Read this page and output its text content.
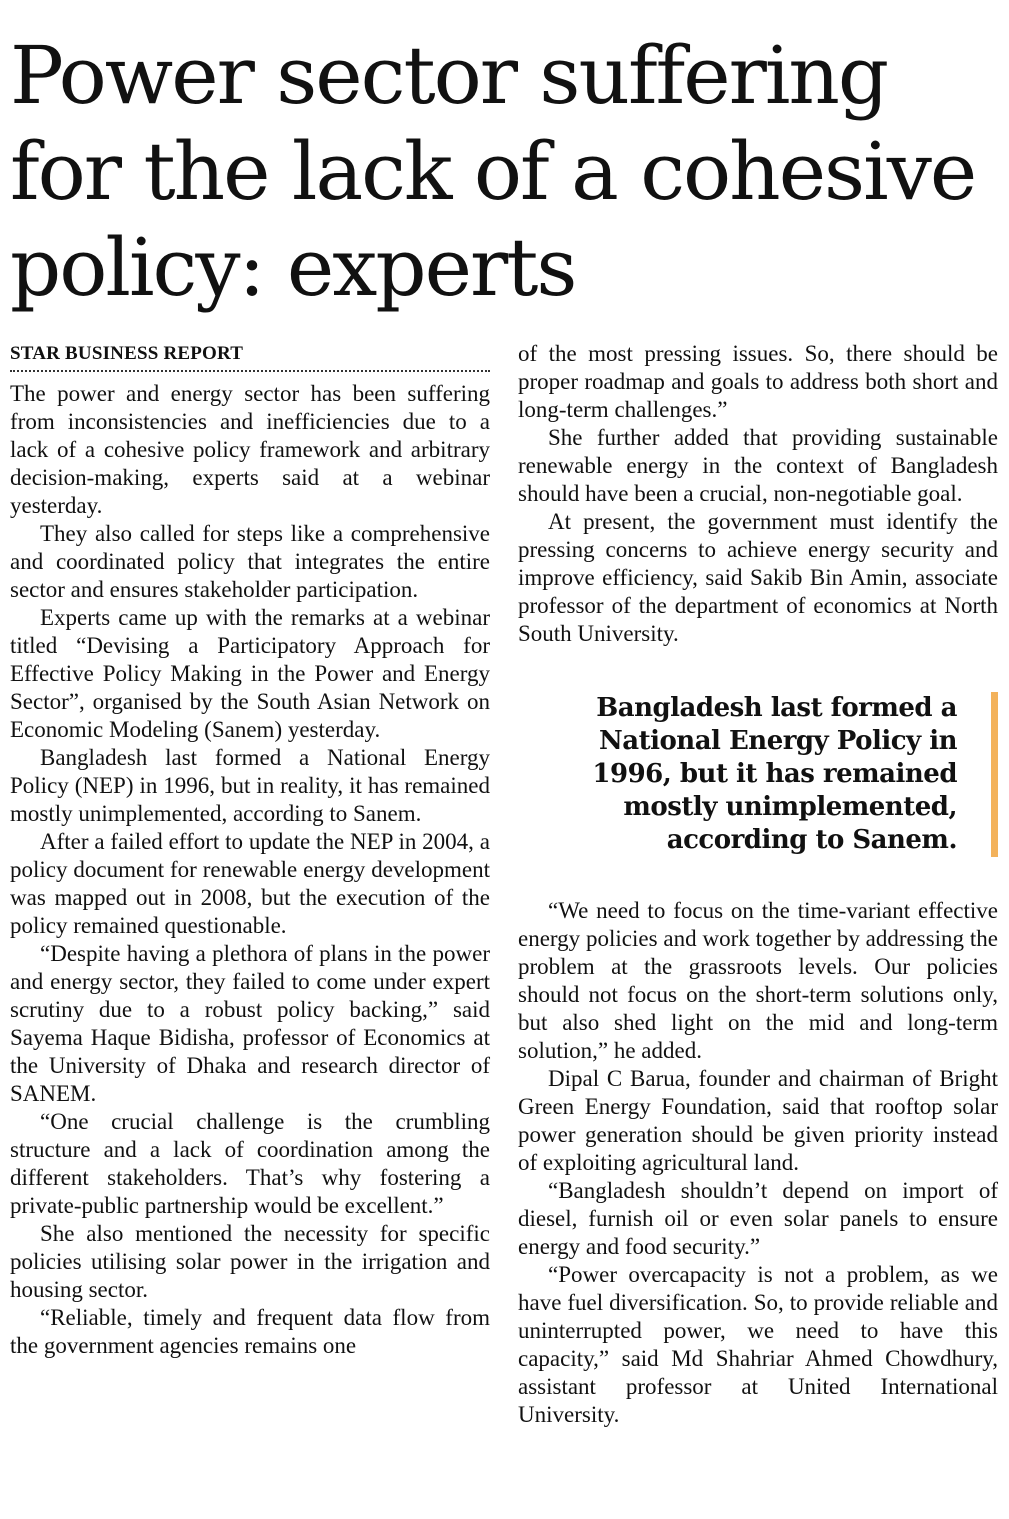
Power sector suffering for the lack of a cohesive policy: experts
STAR BUSINESS REPORT

The power and energy sector has been suffering from inconsistencies and inefficiencies due to a lack of a cohesive policy framework and arbitrary decision-making, experts said at a webinar yesterday.

They also called for steps like a comprehensive and coordinated policy that integrates the entire sector and ensures stakeholder participation.

Experts came up with the remarks at a webinar titled “Devising a Participatory Approach for Effective Policy Making in the Power and Energy Sector”, organised by the South Asian Network on Economic Modeling (Sanem) yesterday.

Bangladesh last formed a National Energy Policy (NEP) in 1996, but in reality, it has remained mostly unimplemented, according to Sanem.

After a failed effort to update the NEP in 2004, a policy document for renewable energy development was mapped out in 2008, but the execution of the policy remained questionable.

“Despite having a plethora of plans in the power and energy sector, they failed to come under expert scrutiny due to a robust policy backing,” said Sayema Haque Bidisha, professor of Economics at the University of Dhaka and research director of SANEM.

“One crucial challenge is the crumbling structure and a lack of coordination among the different stakeholders. That’s why fostering a private-public partnership would be excellent.”

She also mentioned the necessity for specific policies utilising solar power in the irrigation and housing sector.

“Reliable, timely and frequent data flow from the government agencies remains one

of the most pressing issues. So, there should be proper roadmap and goals to address both short and long-term challenges.”

She further added that providing sustainable renewable energy in the context of Bangladesh should have been a crucial, non-negotiable goal.

At present, the government must identify the pressing concerns to achieve energy security and improve efficiency, said Sakib Bin Amin, associate professor of the department of economics at North South University.

Bangladesh last formed a
National Energy Policy in
1996, but it has remained
mostly unimplemented,
according to Sanem.

“We need to focus on the time-variant effective energy policies and work together by addressing the problem at the grassroots levels. Our policies should not focus on the short-term solutions only, but also shed light on the mid and long-term solution,” he added.

Dipal C Barua, founder and chairman of Bright Green Energy Foundation, said that rooftop solar power generation should be given priority instead of exploiting agricultural land.

“Bangladesh shouldn’t depend on import of diesel, furnish oil or even solar panels to ensure energy and food security.”

“Power overcapacity is not a problem, as we have fuel diversification. So, to provide reliable and uninterrupted power, we need to have this capacity,” said Md Shahriar Ahmed Chowdhury, assistant professor at United International University.
